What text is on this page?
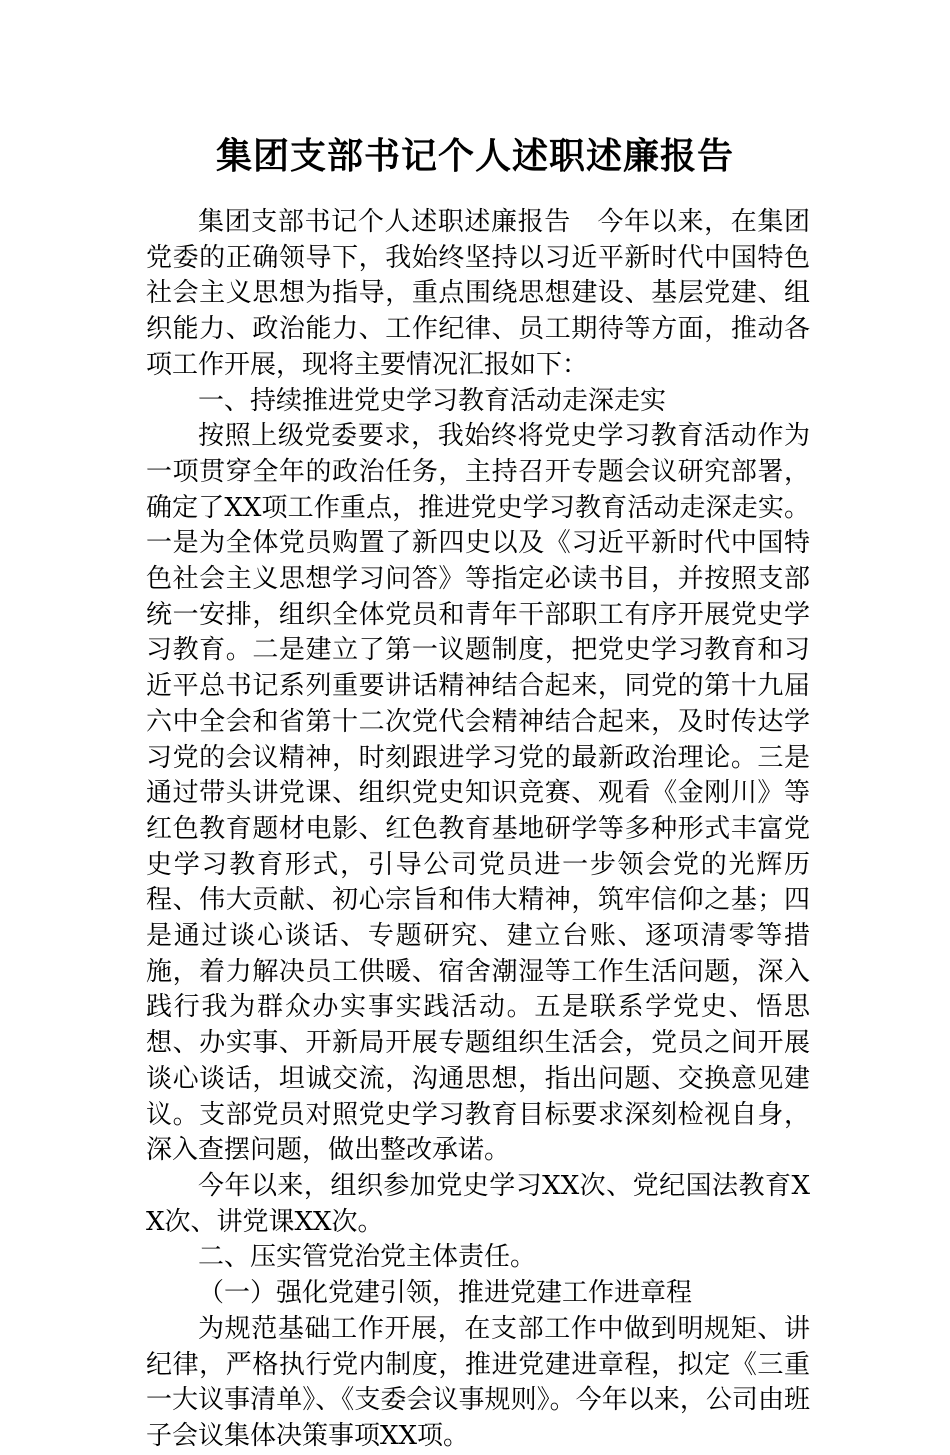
集团支部书记个人述职述廉报告

集团支部书记个人述职述廉报告　今年以来，在集团党委的正确领导下，我始终坚持以习近平新时代中国特色社会主义思想为指导，重点围绕思想建设、基层党建、组织能力、政治能力、工作纪律、员工期待等方面，推动各项工作开展，现将主要情况汇报如下：

一、持续推进党史学习教育活动走深走实

按照上级党委要求，我始终将党史学习教育活动作为一项贯穿全年的政治任务，主持召开专题会议研究部署，确定了XX项工作重点，推进党史学习教育活动走深走实。一是为全体党员购置了新四史以及《习近平新时代中国特色社会主义思想学习问答》等指定必读书目，并按照支部统一安排，组织全体党员和青年干部职工有序开展党史学习教育。二是建立了第一议题制度，把党史学习教育和习近平总书记系列重要讲话精神结合起来，同党的第十九届六中全会和省第十二次党代会精神结合起来，及时传达学习党的会议精神，时刻跟进学习党的最新政治理论。三是通过带头讲党课、组织党史知识竞赛、观看《金刚川》等红色教育题材电影、红色教育基地研学等多种形式丰富党史学习教育形式，引导公司党员进一步领会党的光辉历程、伟大贡献、初心宗旨和伟大精神，筑牢信仰之基；四是通过谈心谈话、专题研究、建立台账、逐项清零等措施，着力解决员工供暖、宿舍潮湿等工作生活问题，深入践行我为群众办实事实践活动。五是联系学党史、悟思想、办实事、开新局开展专题组织生活会，党员之间开展谈心谈话，坦诚交流，沟通思想，指出问题、交换意见建议。支部党员对照党史学习教育目标要求深刻检视自身，深入查摆问题，做出整改承诺。

今年以来，组织参加党史学习XX次、党纪国法教育XX次、讲党课XX次。

二、压实管党治党主体责任。

（一）强化党建引领，推进党建工作进章程

为规范基础工作开展，在支部工作中做到明规矩、讲纪律，严格执行党内制度，推进党建进章程，拟定《三重一大议事清单》、《支委会议事规则》。今年以来，公司由班子会议集体决策事项XX项。
